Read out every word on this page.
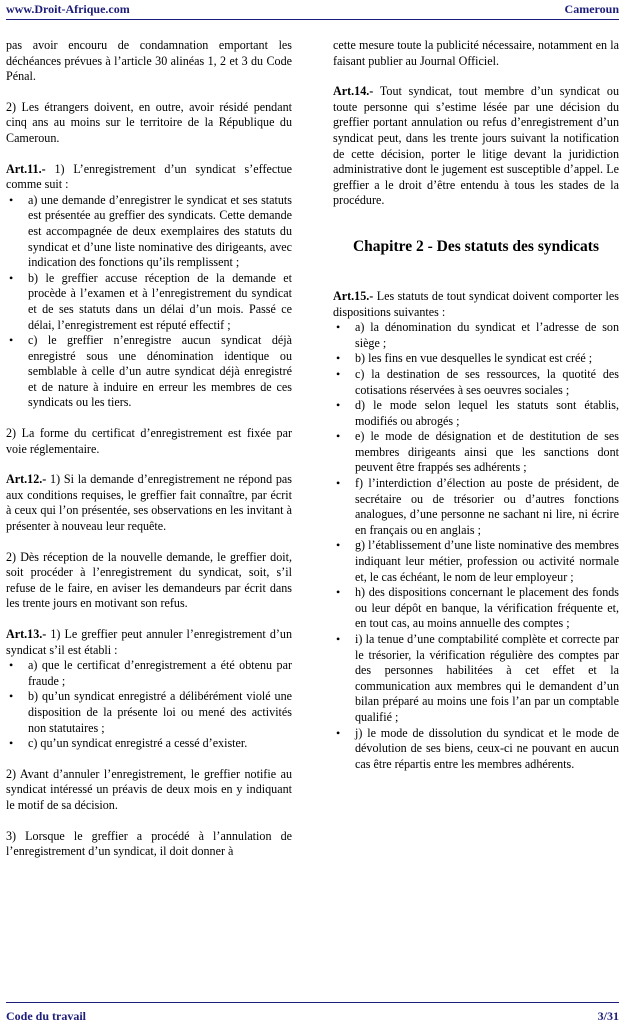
www.Droit-Afrique.com	Cameroun

pas avoir encouru de condamnation emportant les déchéances prévues à l’article 30 alinéas 1, 2 et 3 du Code Pénal.

2) Les étrangers doivent, en outre, avoir résidé pendant cinq ans au moins sur le territoire de la République du Cameroun.

Art.11.- 1) L’enregistrement d’un syndicat s’effectue comme suit :

• a) une demande d’enregistrer le syndicat et ses statuts est présentée au greffier des syndicats. Cette demande est accompagnée de deux exemplaires des statuts du syndicat et d’une liste nominative des dirigeants, avec indication des fonctions qu’ils remplissent ;
• b) le greffier accuse réception de la demande et procède à l’examen et à l’enregistrement du syndicat et de ses statuts dans un délai d’un mois. Passé ce délai, l’enregistrement est réputé effectif ;
• c) le greffier n’enregistre aucun syndicat déjà enregistré sous une dénomination identique ou semblable à celle d’un autre syndicat déjà enregistré et de nature à induire en erreur les membres de ces syndicats ou les tiers.

2) La forme du certificat d’enregistrement est fixée par voie réglementaire.

Art.12.- 1) Si la demande d’enregistrement ne répond pas aux conditions requises, le greffier fait connaître, par écrit à ceux qui l’on présentée, ses observations en les invitant à présenter à nouveau leur requête.

2) Dès réception de la nouvelle demande, le greffier doit, soit procéder à l’enregistrement du syndicat, soit, s’il refuse de le faire, en aviser les demandeurs par écrit dans les trente jours en motivant son refus.

Art.13.- 1) Le greffier peut annuler l’enregistrement d’un syndicat s’il est établi :

• a) que le certificat d’enregistrement a été obtenu par fraude ;
• b) qu’un syndicat enregistré a délibérément violé une disposition de la présente loi ou mené des activités non statutaires ;
• c) qu’un syndicat enregistré a cessé d’exister.

2) Avant d’annuler l’enregistrement, le greffier notifie au syndicat intéressé un préavis de deux mois en y indiquant le motif de sa décision.

3) Lorsque le greffier a procédé à l’annulation de l’enregistrement d’un syndicat, il doit donner à

cette mesure toute la publicité nécessaire, notamment en la faisant publier au Journal Officiel.

Art.14.- Tout syndicat, tout membre d’un syndicat ou toute personne qui s’estime lésée par une décision du greffier portant annulation ou refus d’enregistrement d’un syndicat peut, dans les trente jours suivant la notification de cette décision, porter le litige devant la juridiction administrative dont le jugement est susceptible d’appel. Le greffier a le droit d’être entendu à tous les stades de la procédure.

Chapitre 2 - Des statuts des syndicats

Art.15.- Les statuts de tout syndicat doivent comporter les dispositions suivantes :

• a) la dénomination du syndicat et l’adresse de son siège ;
• b) les fins en vue desquelles le syndicat est créé ;
• c) la destination de ses ressources, la quotité des cotisations réservées à ses oeuvres sociales ;
• d) le mode selon lequel les statuts sont établis, modifiés ou abrogés ;
• e) le mode de désignation et de destitution de ses membres dirigeants ainsi que les sanctions dont peuvent être frappés ses adhérents ;
• f) l’interdiction d’élection au poste de président, de secrétaire ou de trésorier ou d’autres fonctions analogues, d’une personne ne sachant ni lire, ni écrire en français ou en anglais ;
• g) l’établissement d’une liste nominative des membres indiquant leur métier, profession ou activité normale et, le cas échéant, le nom de leur employeur ;
• h) des dispositions concernant le placement des fonds ou leur dépôt en banque, la vérification fréquente et, en tout cas, au moins annuelle des comptes ;
• i) la tenue d’une comptabilité complète et correcte par le trésorier, la vérification régulière des comptes par des personnes habilitées à cet effet et la communication aux membres qui le demandent d’un bilan préparé au moins une fois l’an par un comptable qualifié ;
• j) le mode de dissolution du syndicat et le mode de dévolution de ses biens, ceux-ci ne pouvant en aucun cas être répartis entre les membres adhérents.
Code du travail	3/31
